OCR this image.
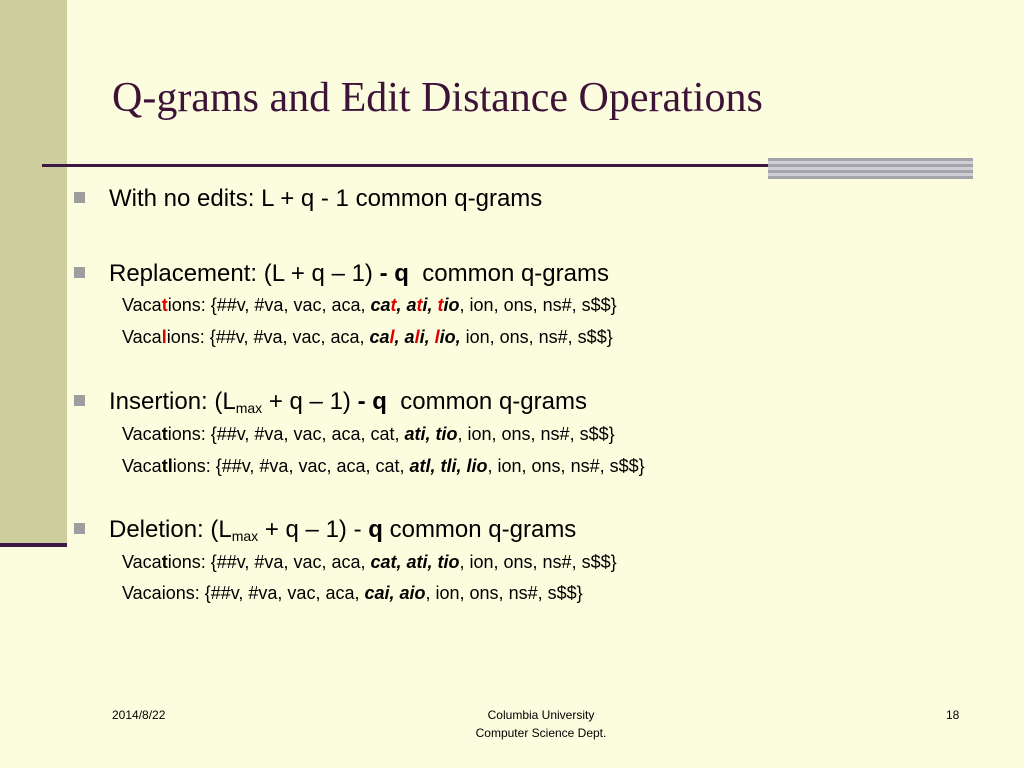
Q-grams and Edit Distance Operations
With no edits: L + q - 1 common q-grams
Replacement: (L + q – 1) - q  common q-grams
Vacations: {##v, #va, vac, aca, cat, ati, tio, ion, ons, ns#, s$$}
Vacalions: {##v, #va, vac, aca, cal, ali, lio, ion, ons, ns#, s$$}
Insertion: $(L_{max} + q - 1) - q$  common q-grams
Vacations: {##v, #va, vac, aca, cat, ati, tio, ion, ons, ns#, s$$}
Vacatlions: {##v, #va, vac, aca, cat, atl, tli, lio, ion, ons, ns#, s$$}
Deletion: $(L_{max} + q - 1) - q$ common q-grams
Vacations: {##v, #va, vac, aca, cat, ati, tio, ion, ons, ns#, s$$}
Vacaions: {##v, #va, vac, aca, cai, aio, ion, ons, ns#, s$$}
2014/8/22	Columbia University
Computer Science Dept.
18
